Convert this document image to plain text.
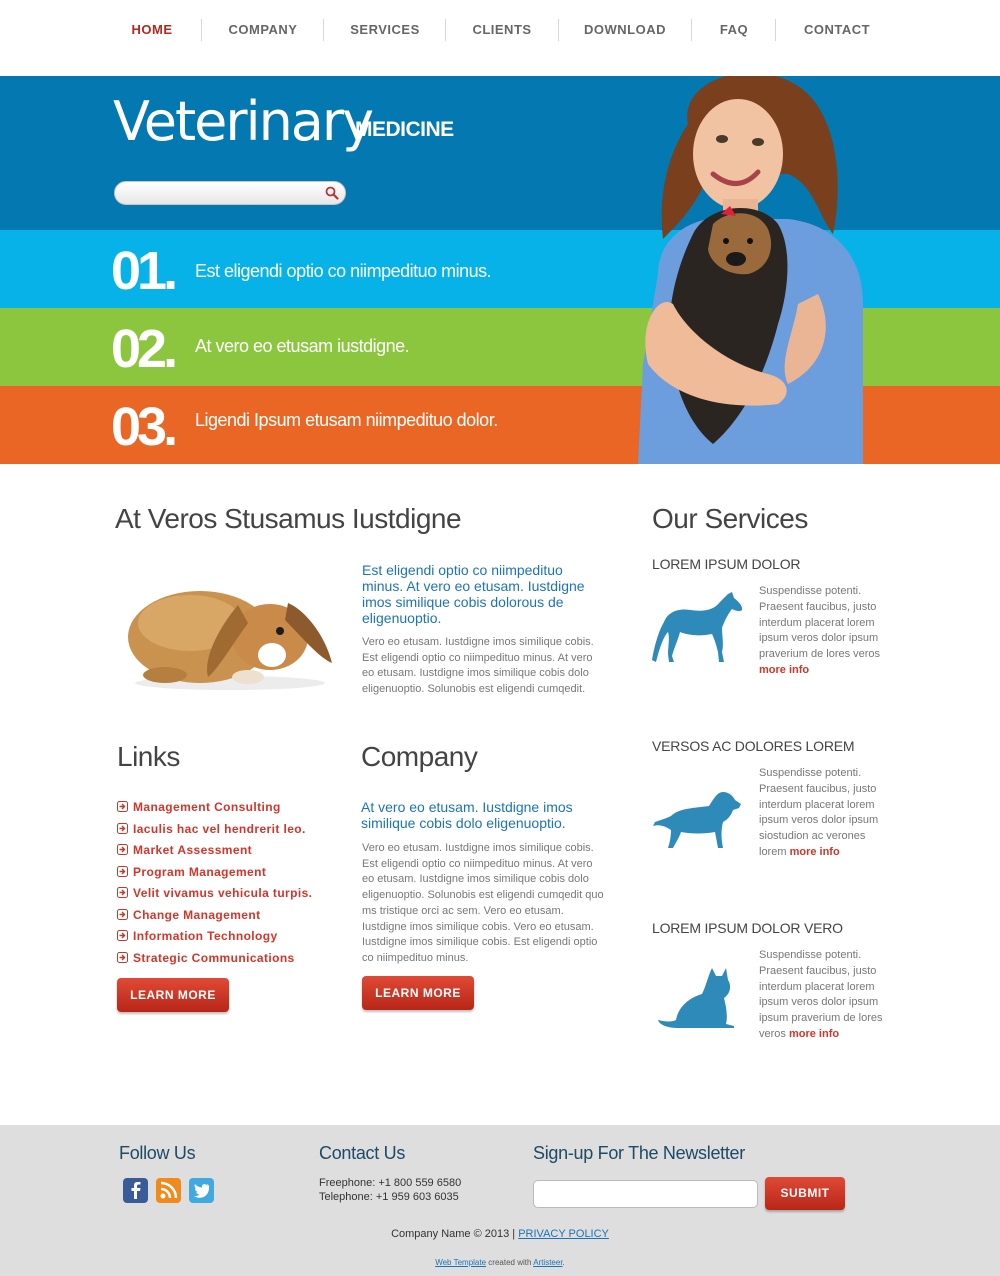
HOME	COMPANY	SERVICES	CLIENTS	DOWNLOAD	FAQ	CONTACT
Veterinary
MEDICINE
01. Est eligendi optio co niimpedituo minus.
02. At vero eo etusam iustdigne.
03. Ligendi Ipsum etusam niimpedituo dolor.
At Veros Stusamus Iustdigne
Est eligendi optio co niimpedituo minus. At vero eo etusam. Iustdigne imos similique cobis dolorous de eligenuoptio.
Vero eo etusam. Iustdigne imos similique cobis. Est eligendi optio co niimpedituo minus. At vero eo etusam. Iustdigne imos similique cobis dolo eligenuoptio. Solunobis est eligendi cumqedit.
Links
Management Consulting
Iaculis hac vel hendrerit leo.
Market Assessment
Program Management
Velit vivamus vehicula turpis.
Change Management
Information Technology
Strategic Communications
LEARN MORE
Company
At vero eo etusam. Iustdigne imos similique cobis dolo eligenuoptio.
Vero eo etusam. Iustdigne imos similique cobis. Est eligendi optio co niimpedituo minus. At vero eo etusam. Iustdigne imos similique cobis dolo eligenuoptio. Solunobis est eligendi cumqedit quo ms tristique orci ac sem. Vero eo etusam. Iustdigne imos similique cobis. Vero eo etusam. Iustdigne imos similique cobis. Est eligendi optio co niimpedituo minus.
LEARN MORE
Our Services
LOREM IPSUM DOLOR
Suspendisse potenti. Praesent faucibus, justo interdum placerat lorem ipsum veros dolor ipsum praverium de lores veros more info
VERSOS AC DOLORES LOREM
Suspendisse potenti. Praesent faucibus, justo interdum placerat lorem ipsum veros dolor ipsum siostudion ac verones lorem more info
LOREM IPSUM DOLOR VERO
Suspendisse potenti. Praesent faucibus, justo interdum placerat lorem ipsum veros dolor ipsum ipsum praverium de lores veros more info
Follow Us	Contact Us
Freephone: +1 800 559 6580
Telephone: +1 959 603 6035
Sign-up For The Newsletter
SUBMIT
Company Name © 2013 | PRIVACY POLICY
Web Template created with Artisteer.
